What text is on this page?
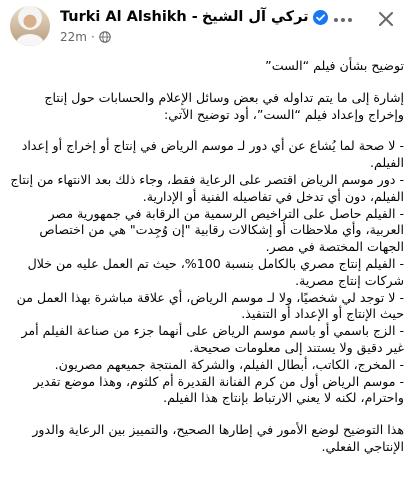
Turki Al Alshikh - تركي آل الشيخ
22m ·

توضيح بشأن فيلم “الست”

إشارة إلى ما يتم تداوله في بعض وسائل الإعلام والحسابات حول إنتاج وإخراج وإعداد فيلم “الست”، أود توضيح الآتي:

- لا صحة لما يُشاع عن أي دور لـ موسم الرياض في إنتاج أو إخراج أو إعداد الفيلم.

- دور موسم الرياض اقتصر على الرعاية فقط، وجاء ذلك بعد الانتهاء من إنتاج الفيلم، دون أي تدخل في تفاصيله الفنية أو الإدارية.

- الفيلم حاصل على التراخيص الرسمية من الرقابة في جمهورية مصر العربية، وأي ملاحظات أو إشكالات رقابية "إن وُجِدت" هي من اختصاص الجهات المختصة في مصر.

- الفيلم إنتاج مصري بالكامل بنسبة 100%، حيث تم العمل عليه من خلال شركات إنتاج مصرية.

- لا توجد لي شخصيًا، ولا لـ موسم الرياض، أي علاقة مباشرة بهذا العمل من حيث الإنتاج أو الإعداد أو التنفيذ.

- الزج باسمي أو باسم موسم الرياض على أنهما جزء من صناعة الفيلم أمر غير دقيق ولا يستند إلى معلومات صحيحة.

- المخرج، الكاتب، أبطال الفيلم، والشركة المنتجة جميعهم مصريون.

- موسم الرياض أول من كرم الفنانة القديرة أم كلثوم، وهذا موضع تقدير واحترام، لكنه لا يعني الارتباط بإنتاج هذا الفيلم.

هذا التوضيح لوضع الأمور في إطارها الصحيح، والتمييز بين الرعاية والدور الإنتاجي الفعلي.
